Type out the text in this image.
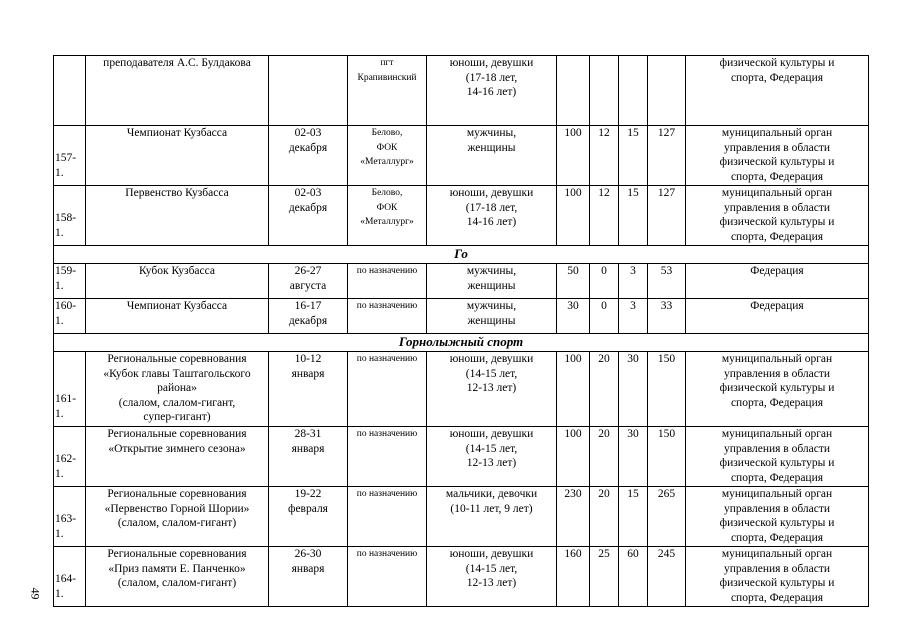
	преподавателя А.С. Булдакова		пгт Крапивинский	юноши, девушки
(17-18 лет,
14-16 лет)					физической культуры и
спорта, Федерация

157-1.	Чемпионат Кузбасса	02-03
декабря	Белово,
ФОК
«Металлург»	мужчины,
женщины	100	12	15	127	муниципальный орган
управления в области
физической культуры и
спорта, Федерация

158-1.	Первенство Кузбасса	02-03
декабря	Белово,
ФОК
«Металлург»	юноши, девушки
(17-18 лет,
14-16 лет)	100	12	15	127	муниципальный орган
управления в области
физической культуры и
спорта, Федерация

Го									
159-1.	Кубок Кузбасса	26-27
августа	по назначению	мужчины,
женщины	50	0	3	53	Федерация

160-1.	Чемпионат Кузбасса	16-17
декабря	по назначению	мужчины,
женщины	30	0	3	33	Федерация

Горнолыжный спорт									
161-1.	Региональные соревнования
«Кубок главы Таштагольского
района»
(слалом, слалом-гигант,
супер-гигант)	10-12
января	по назначению	юноши, девушки
(14-15 лет,
12-13 лет)	100	20	30	150	муниципальный орган
управления в области
физической культуры и
спорта, Федерация

162-1.	Региональные соревнования
«Открытие зимнего сезона»	28-31
января	по назначению	юноши, девушки
(14-15 лет,
12-13 лет)	100	20	30	150	муниципальный орган
управления в области
физической культуры и
спорта, Федерация

163-1.	Региональные соревнования
«Первенство Горной Шории»
(слалом, слалом-гигант)	19-22
февраля	по назначению	мальчики, девочки
(10-11 лет, 9 лет)	230	20	15	265	муниципальный орган
управления в области
физической культуры и
спорта, Федерация

164-1.	Региональные соревнования
«Приз памяти Е. Панченко»
(слалом, слалом-гигант)	26-30
января	по назначению	юноши, девушки
(14-15 лет,
12-13 лет)	160	25	60	245	муниципальный орган
управления в области
физической культуры и
спорта, Федерация
49
